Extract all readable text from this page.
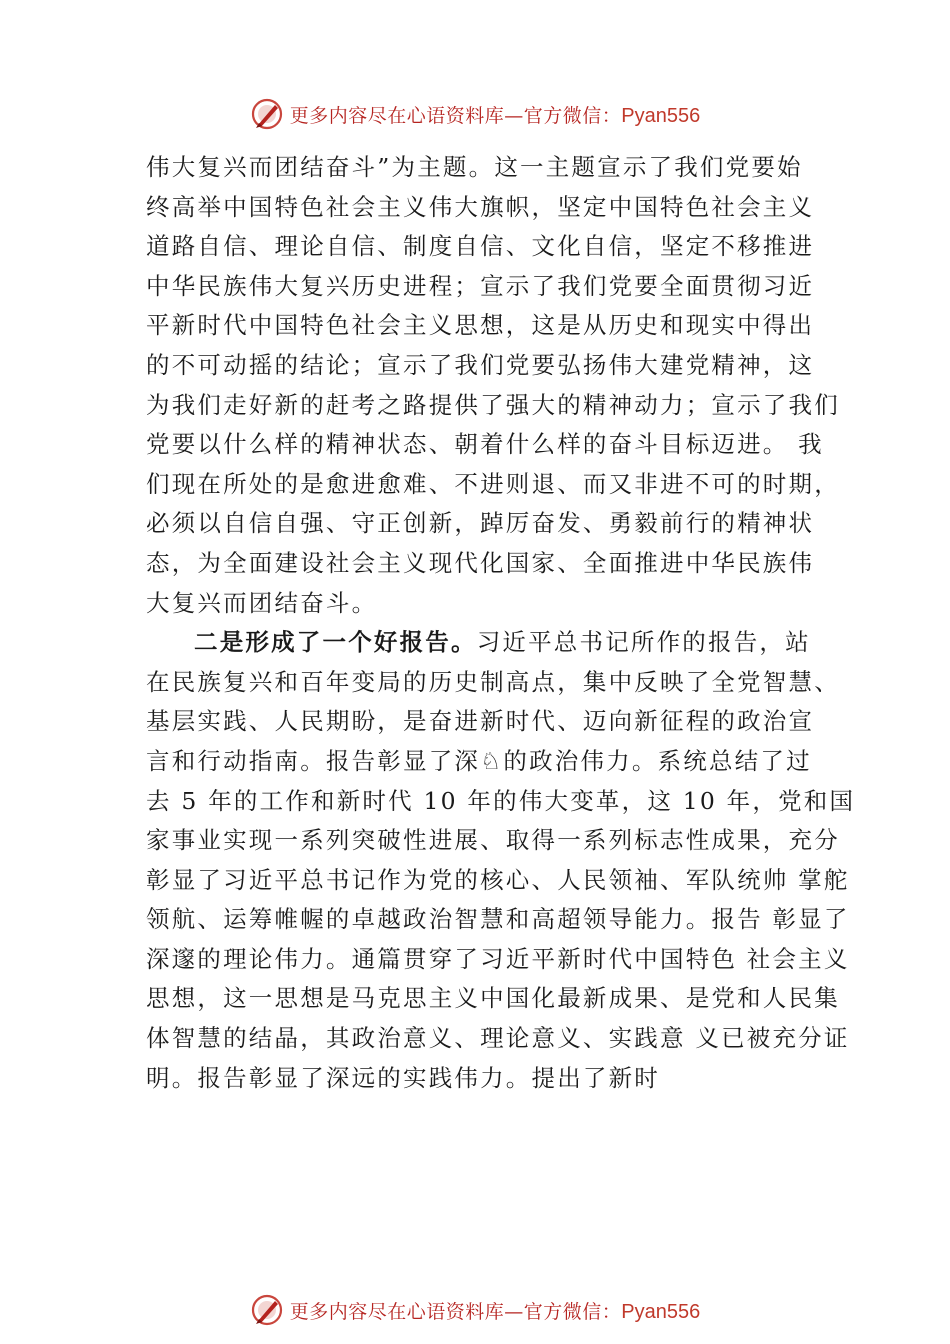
更多内容尽在心语资料库—官方微信：Pyan556
伟大复兴而团结奋斗”为主题。这一主题宣示了我们党要始
终高举中国特色社会主义伟大旗帜，坚定中国特色社会主义
道路自信、理论自信、制度自信、文化自信，坚定不移推进
中华民族伟大复兴历史进程；宣示了我们党要全面贯彻习近
平新时代中国特色社会主义思想，这是从历史和现实中得出
的不可动摇的结论；宣示了我们党要弘扬伟大建党精神，这
为我们走好新的赶考之路提供了强大的精神动力；宣示了我们
党要以什么样的精神状态、朝着什么样的奋斗目标迈进。 我
们现在所处的是愈进愈难、不进则退、而又非进不可的时期，
必须以自信自强、守正创新，踔厉奋发、勇毅前行的精神状
态，为全面建设社会主义现代化国家、全面推进中华民族伟
大复兴而团结奋斗。
二是形成了一个好报告。习近平总书记所作的报告，站
在民族复兴和百年变局的历史制高点，集中反映了全党智慧、
基层实践、人民期盼，是奋进新时代、迈向新征程的政治宣
言和行动指南。报告彰显了深♘的政治伟力。系统总结了过
去 5 年的工作和新时代 10 年的伟大变革，这 10 年，党和国
家事业实现一系列突破性进展、取得一系列标志性成果，充分
彰显了习近平总书记作为党的核心、人民领袖、军队统帅 掌舵
领航、运筹帷幄的卓越政治智慧和高超领导能力。报告 彰显了
深邃的理论伟力。通篇贯穿了习近平新时代中国特色 社会主义
思想，这一思想是马克思主义中国化最新成果、是党和人民集
体智慧的结晶，其政治意义、理论意义、实践意 义已被充分证
明。报告彰显了深远的实践伟力。提出了新时
更多内容尽在心语资料库—官方微信：Pyan556
